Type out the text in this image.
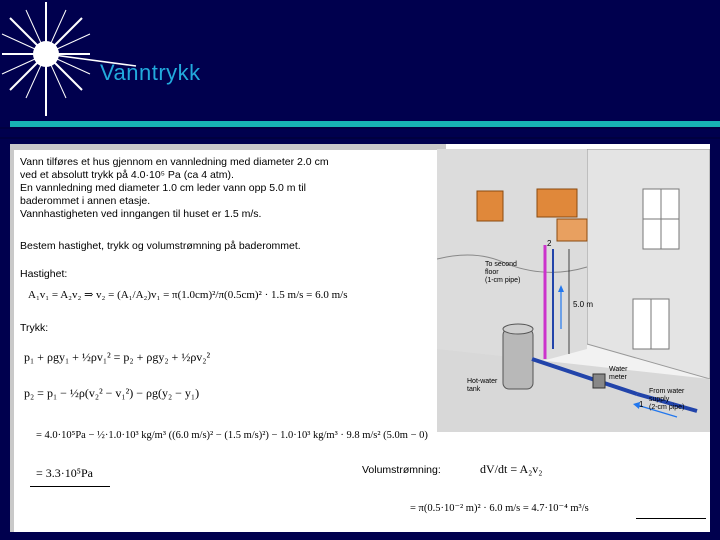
Vanntrykk
Vann tilføres et hus gjennom en vannledning med diameter 2.0 cm
ved et absolutt trykk på 4.0·10⁵ Pa (ca 4 atm).
En vannledning med diameter 1.0 cm leder vann opp 5.0 m til
baderommet i annen etasje.
Vannhastigheten ved inngangen til huset er 1.5 m/s.
Bestem hastighet, trykk og volumstrømning på baderommet.
Hastighet:
A₁v₁ = A₂v₂ ⇒ v₂ = (A₁/A₂)v₁ = π(1.0cm)²/π(0.5cm)² · 1.5 m/s = 6.0 m/s
Trykk:
p₁ + ρgy₁ + ½ρv₁² = p₂ + ρgy₂ + ½ρv₂²
p₂ = p₁ − ½ρ(v₂² − v₁²) − ρg(y₂ − y₁)
= 4.0·10⁵Pa − ½·1.0·10³ kg/m³ ((6.0 m/s)² − (1.5 m/s)²) − 1.0·10³ kg/m³ · 9.8 m/s² (5.0m − 0)
= 3.3·10⁵Pa	Volumstrømning:	dV/dt = A₂v₂
= π(0.5·10⁻² m)² · 6.0 m/s = 4.7·10⁻⁴ m³/s
2
1
To second
floor
(1-cm pipe)
5.0 m
Water
meter
Hot-water
tank	From water
supply
(2-cm pipe)
